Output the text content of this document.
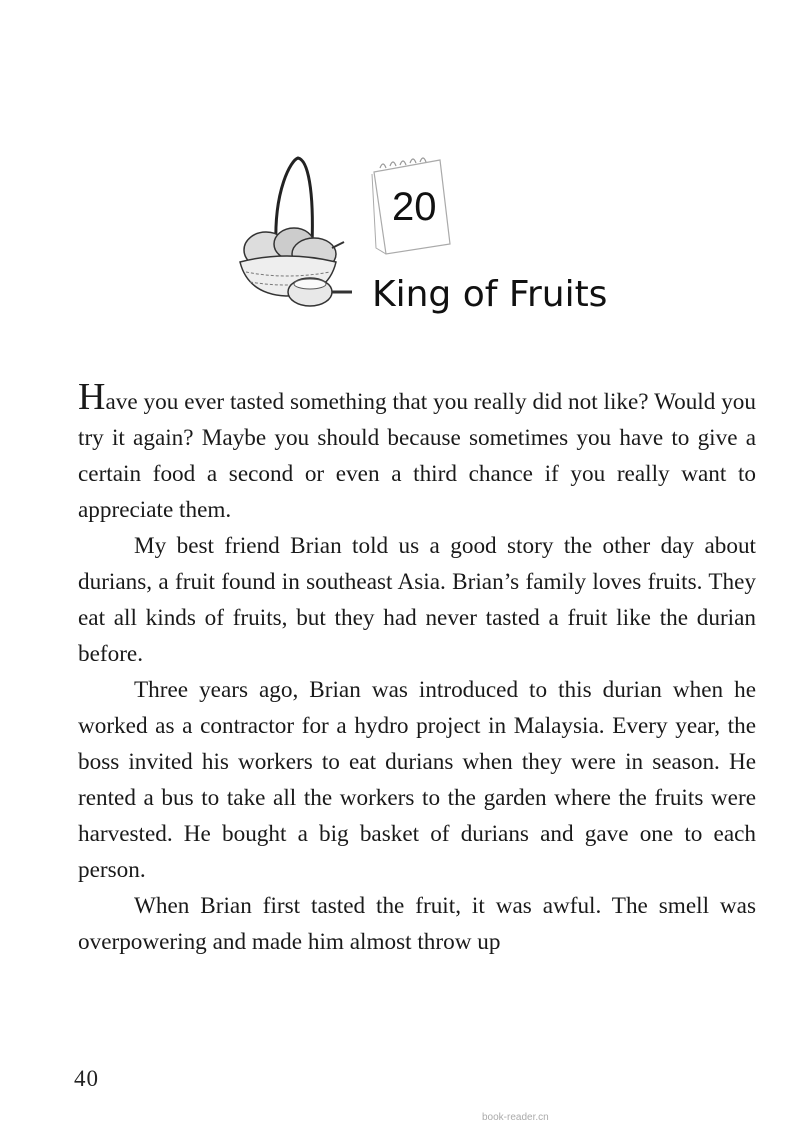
20
King of Fruits

Have you ever tasted something that you really did not like? Would you try it again? Maybe you should because sometimes you have to give a certain food a second or even a third chance if you really want to appreciate them.

My best friend Brian told us a good story the other day about durians, a fruit found in southeast Asia. Brian’s family loves fruits. They eat all kinds of fruits, but they had never tasted a fruit like the durian before.

Three years ago, Brian was introduced to this durian when he worked as a contractor for a hydro project in Malaysia. Every year, the boss invited his workers to eat durians when they were in season. He rented a bus to take all the workers to the garden where the fruits were harvested. He bought a big basket of durians and gave one to each person.

When Brian first tasted the fruit, it was awful. The smell was overpowering and made him almost throw up

40
book-reader.cn
